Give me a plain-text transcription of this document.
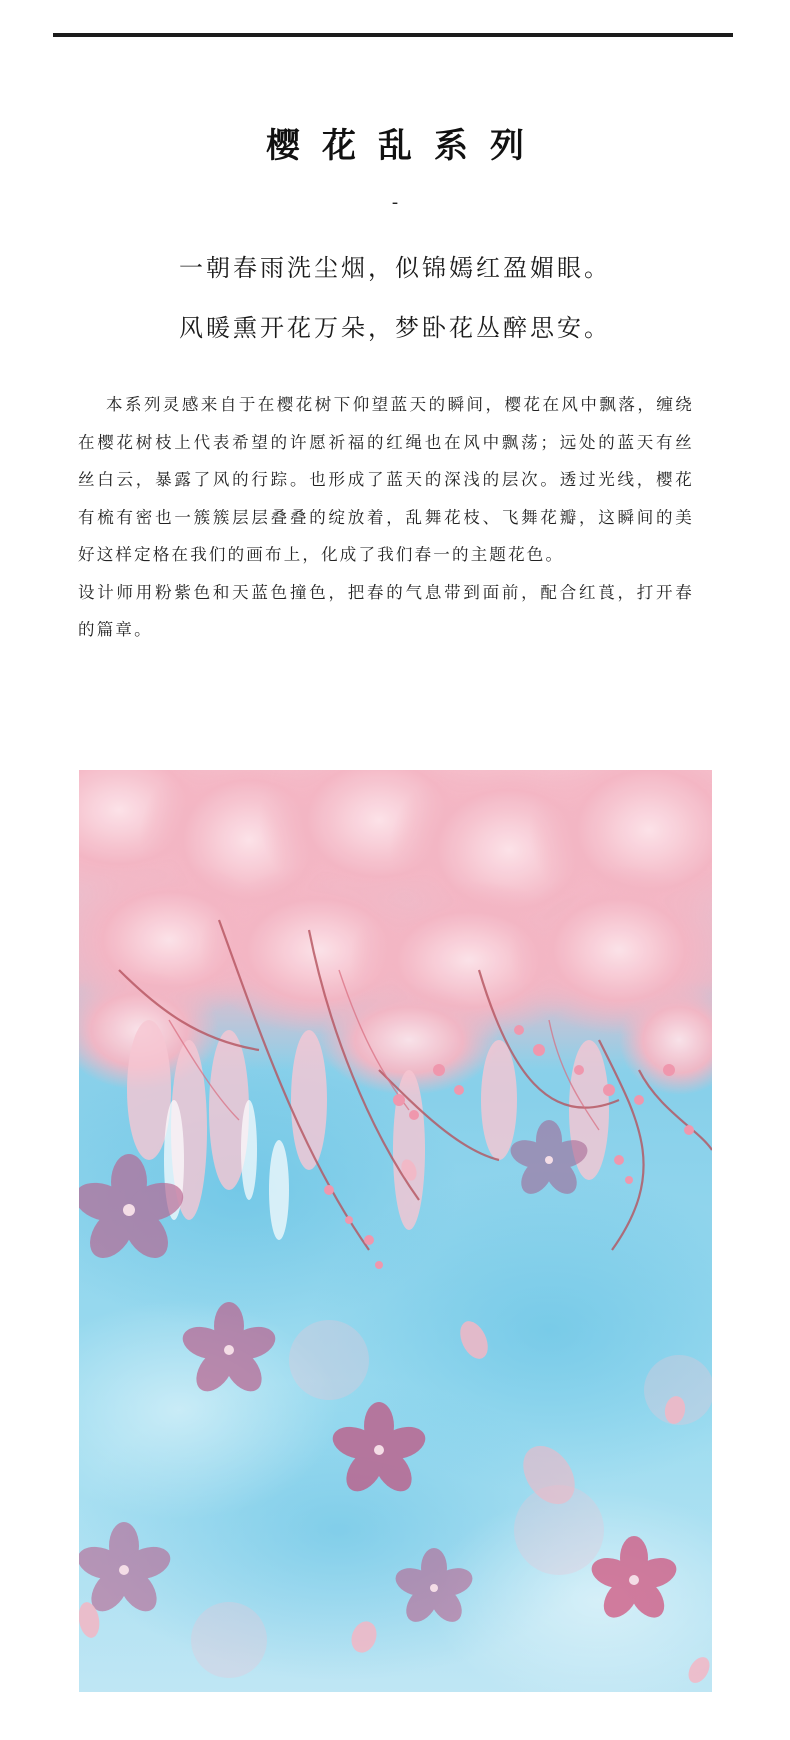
樱花乱系列
-
一朝春雨洗尘烟，似锦嫣红盈媚眼。
风暖熏开花万朵，梦卧花丛醉思安。

本系列灵感来自于在樱花树下仰望蓝天的瞬间，樱花在风中飘落，缠绕在樱花树枝上代表希望的许愿祈福的红绳也在风中飘荡；远处的蓝天有丝丝白云，暴露了风的行踪。也形成了蓝天的深浅的层次。透过光线，樱花有梳有密也一簇簇层层叠叠的绽放着，乱舞花枝、飞舞花瓣，这瞬间的美好这样定格在我们的画布上，化成了我们春一的主题花色。

设计师用粉紫色和天蓝色撞色，把春的气息带到面前，配合红莨，打开春的篇章。
